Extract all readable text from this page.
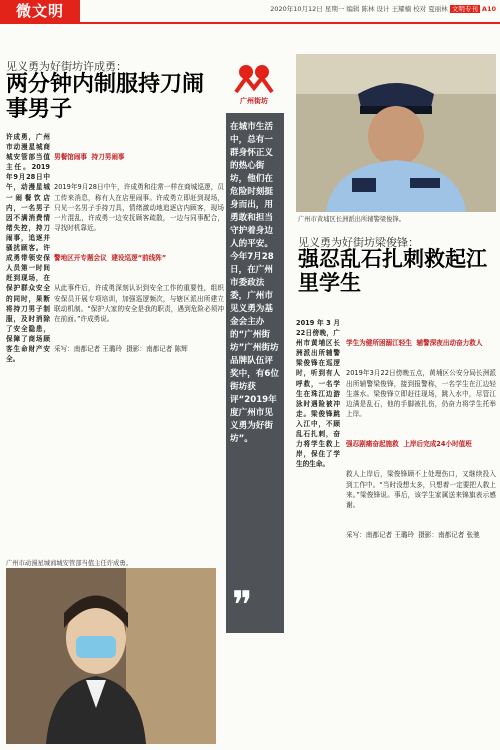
微文明	2020年10月12日 星期一 编辑 陈林 设计 王耀楠 校对 夏丽林 文明专刊 A10
见义勇为好街坊许成勇：
两分钟内制服持刀闹事男子
许成勇，广州市动漫星城商城安管部当值主任。2019年9月28日中午，动漫星城一闹餐饮店内，一名男子因不满消费情绪失控，持刀闹事，追逐并骚扰顾客。许成勇带领安保人员第一时间赶到现场，在保护群众安全的同时，果断将持刀男子制服，及时消除了安全隐患，保障了商场顾客生命财产安全。

男餐馆闹事  持刀男闹事

2019年9月28日中午，许成勇和往常一样在商城巡逻，员工传来消息，称有人在店里闹事。许成勇立即赶到现场，只见一名男子手持刀具，情绪激动地追逐店内顾客，现场一片混乱，许成勇一边安抚顾客疏散，一边与同事配合，寻找时机靠近。

警地区开专题会议  建设巡逻“前线阵”

从此事件后，许成勇深刻认识到安全工作的重要性，组织安保员开展专项培训，加强巡逻频次，与辖区派出所建立联动机制。“保护大家的安全是我的职责，遇到危险必须冲在前面。”许成勇说。

采写：南都记者 王璐玲  摄影：南都记者 陈辉

广州市动漫星城商城安管部当值主任许成勇。
广州街坊
在城市生活中，总有一群身怀正义的热心街坊，他们在危险时刻挺身而出，用勇敢和担当守护着身边人的平安。今年7月28日，在广州市委政法委，广州市见义勇为基金会主办的“广州街坊”广州街坊品牌队伍评奖中，有6位街坊获评“2019年度广州市见义勇为好街坊”。
❞
广州市黄埔区长洲派出所辅警梁俊锋。
见义勇为好街坊梁俊锋：
强忍乱石扎刺救起江里学生
2019年3月22日傍晚，广州市黄埔区长洲派出所辅警梁俊锋在巡逻时，听到有人呼救，一名学生在珠江边游泳时遇险被冲走。梁俊锋跳入江中，不顾乱石扎刺，奋力将学生救上岸，保住了学生的生命。

学生为健所困溺江轻生  辅警深夜出动奋力救人

2019年3月22日傍晚五点，黄埔区公安分局长洲派出所辅警梁俊锋，接到报警称，一名学生在江边轻生落水。梁俊锋立即赶往现场，跳入水中，尽管江边满是乱石，他的手脚被扎伤，仍奋力将学生托举上岸。

强忍剧痛奋起施救  上岸后完成24小时值班

救人上岸后，梁俊锋顾不上处理伤口，又继续投入到工作中。“当时没想太多，只想着一定要把人救上来。”梁俊锋说。事后，该学生家属送来锦旗表示感谢。

采写：南都记者 王璐玲  摄影：南都记者 张驰
